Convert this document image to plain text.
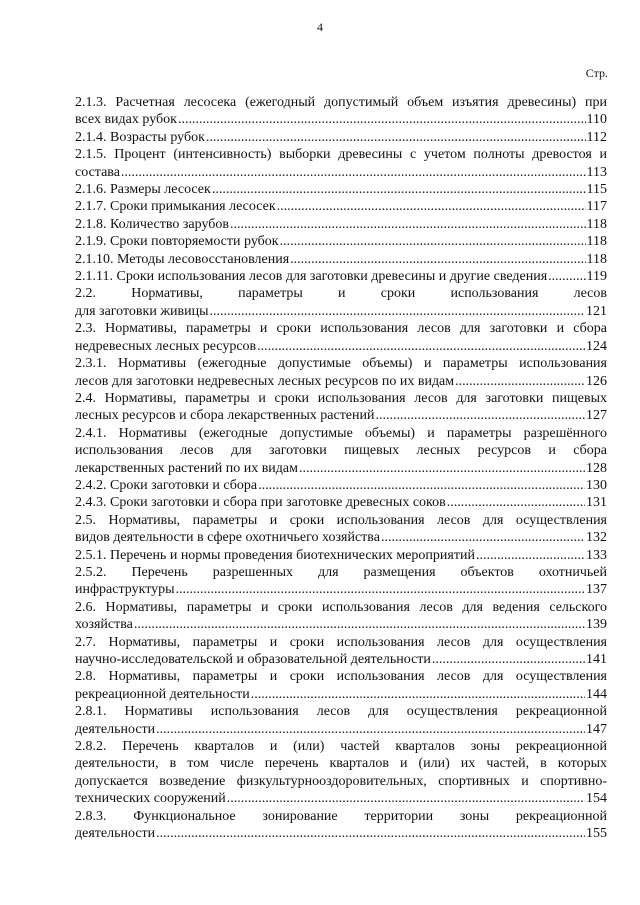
4
Стр.
2.1.3. Расчетная лесосека (ежегодный допустимый объем изъятия древесины) при
всех видах рубок .....	110
2.1.4. Возрасты рубок .....	112
2.1.5. Процент (интенсивность) выборки древесины с учетом полноты древостоя и
состава .....	113
2.1.6. Размеры лесосек .....	115
2.1.7. Сроки примыкания лесосек .....	117
2.1.8. Количество зарубов .....	118
2.1.9. Сроки повторяемости рубок .....	118
2.1.10. Методы лесовосстановления .....	118
2.1.11. Сроки использования лесов для заготовки древесины и другие сведения .....	119
2.2. Нормативы, параметры и сроки использования лесов
для заготовки живицы .....	121
2.3. Нормативы, параметры и сроки использования лесов для заготовки и сбора
недревесных лесных ресурсов .....	124
2.3.1. Нормативы (ежегодные допустимые объемы) и параметры использования
лесов для заготовки недревесных лесных ресурсов по их видам .....	126
2.4. Нормативы, параметры и сроки использования лесов для заготовки пищевых
лесных ресурсов и сбора лекарственных растений .....	127
2.4.1. Нормативы (ежегодные допустимые объемы) и параметры разрешённого
использования лесов для заготовки пищевых лесных ресурсов и сбора
лекарственных растений по их видам .....	128
2.4.2. Сроки заготовки и сбора .....	130
2.4.3. Сроки заготовки и сбора при заготовке древесных соков .....	131
2.5. Нормативы, параметры и сроки использования лесов для осуществления
видов деятельности в сфере охотничьего хозяйства .....	132
2.5.1. Перечень и нормы проведения биотехнических мероприятий .....	133
2.5.2. Перечень разрешенных для размещения объектов охотничьей
инфраструктуры .....	137
2.6. Нормативы, параметры и сроки использования лесов для ведения сельского
хозяйства .....	139
2.7. Нормативы, параметры и сроки использования лесов для осуществления
научно-исследовательской и образовательной деятельности .....	141
2.8. Нормативы, параметры и сроки использования лесов для осуществления
рекреационной деятельности .....	144
2.8.1. Нормативы использования лесов для осуществления рекреационной
деятельности .....	147
2.8.2. Перечень кварталов и (или) частей кварталов зоны рекреационной
деятельности, в том числе перечень кварталов и (или) их частей, в которых
допускается возведение физкультурнооздоровительных, спортивных и спортивно-
технических сооружений .....	154
2.8.3. Функциональное зонирование территории зоны рекреационной
деятельности .....	155
